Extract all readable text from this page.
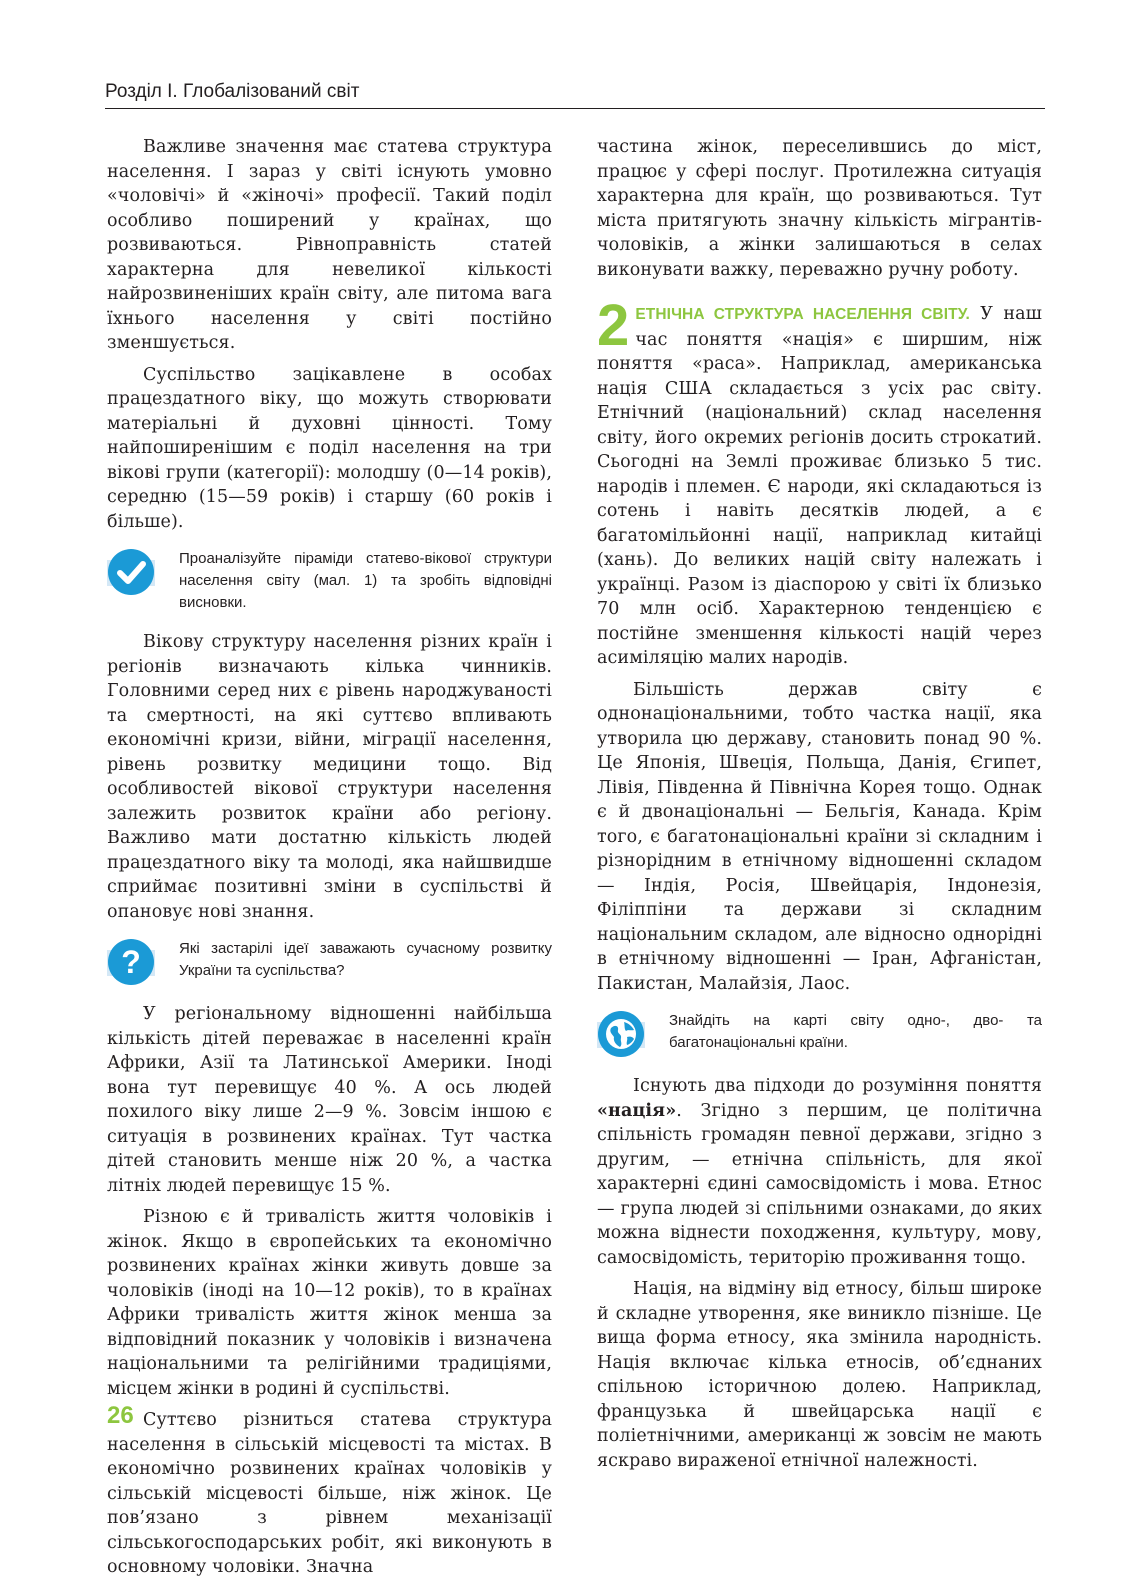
Розділ І. Глобалізований світ

Важливе значення має статева структура населення. І зараз у світі існують умовно «чоловічі» й «жіночі» професії. Такий поділ особливо поширений у країнах, що розвиваються. Рівноправність статей характерна для невеликої кількості найрозвиненіших країн світу, але питома вага їхнього населення у світі постійно зменшується.

Суспільство зацікавлене в особах працездатного віку, що можуть створювати матеріальні й духовні цінності. Тому найпоширенішим є поділ населення на три вікові групи (категорії): молодшу (0—14 років), середню (15—59 років) і старшу (60 років і більше).

Проаналізуйте піраміди статево-вікової структури населення світу (мал. 1) та зробіть відповідні висновки.

Вікову структуру населення різних країн і регіонів визначають кілька чинників. Головними серед них є рівень народжуваності та смертності, на які суттєво впливають економічні кризи, війни, міграції населення, рівень розвитку медицини тощо. Від особливостей вікової структури населення залежить розвиток країни або регіону. Важливо мати достатню кількість людей працездатного віку та молоді, яка найшвидше сприймає позитивні зміни в суспільстві й опановує нові знання.

?	Які застарілі ідеї заважають сучасному розвитку України та суспільства?

У регіональному відношенні найбільша кількість дітей переважає в населенні країн Африки, Азії та Латинської Америки. Іноді вона тут перевищує 40 %. А ось людей похилого віку лише 2—9 %. Зовсім іншою є ситуація в розвинених країнах. Тут частка дітей становить менше ніж 20 %, а частка літніх людей перевищує 15 %.

Різною є й тривалість життя чоловіків і жінок. Якщо в європейських та економічно розвинених країнах жінки живуть довше за чоловіків (іноді на 10—12 років), то в країнах Африки тривалість життя жінок менша за відповідний показник у чоловіків і визначена національними та релігійними традиціями, місцем жінки в родині й суспільстві.

Суттєво різниться статева структура населення в сільській місцевості та містах. В економічно розвинених країнах чоловіків у сільській місцевості більше, ніж жінок. Це пов’язано з рівнем механізації сільськогосподарських робіт, які виконують в основному чоловіки. Значна

частина жінок, переселившись до міст, працює у сфері послуг. Протилежна ситуація характерна для країн, що розвиваються. Тут міста притягують значну кількість мігрантів-чоловіків, а жінки залишаються в селах виконувати важку, переважно ручну роботу.

2 ЕТНІЧНА СТРУКТУРА НАСЕЛЕННЯ СВІТУ. У наш час поняття «нація» є ширшим, ніж поняття «раса». Наприклад, американська нація США складається з усіх рас світу. Етнічний (національний) склад населення світу, його окремих регіонів досить строкатий. Сьогодні на Землі проживає близько 5 тис. народів і племен. Є народи, які складаються із сотень і навіть десятків людей, а є багатомільйонні нації, наприклад китайці (хань). До великих націй світу належать і українці. Разом із діаспорою у світі їх близько 70 млн осіб. Характерною тенденцією є постійне зменшення кількості націй через асиміляцію малих народів.

Більшість держав світу є однонаціональними, тобто частка нації, яка утворила цю державу, становить понад 90 %. Це Японія, Швеція, Польща, Данія, Єгипет, Лівія, Південна й Північна Корея тощо. Однак є й двонаціональні — Бельгія, Канада. Крім того, є багатонаціональні країни зі складним і різнорідним в етнічному відношенні складом — Індія, Росія, Швейцарія, Індонезія, Філіппіни та держави зі складним національним складом, але відносно однорідні в етнічному відношенні — Іран, Афганістан, Пакистан, Малайзія, Лаос.

Знайдіть на карті світу одно-, дво- та багатонаціональні країни.

Існують два підходи до розуміння поняття «нація». Згідно з першим, це політична спільність громадян певної держави, згідно з другим, — етнічна спільність, для якої характерні єдині самосвідомість і мова. Етнос — група людей зі спільними ознаками, до яких можна віднести походження, культуру, мову, самосвідомість, територію проживання тощо.

Нація, на відміну від етносу, більш широке й складне утворення, яке виникло пізніше. Це вища форма етносу, яка змінила народність. Нація включає кілька етносів, об’єднаних спільною історичною долею. Наприклад, французька й швейцарська нації є поліетнічними, американці ж зовсім не мають яскраво вираженої етнічної належності.

26
